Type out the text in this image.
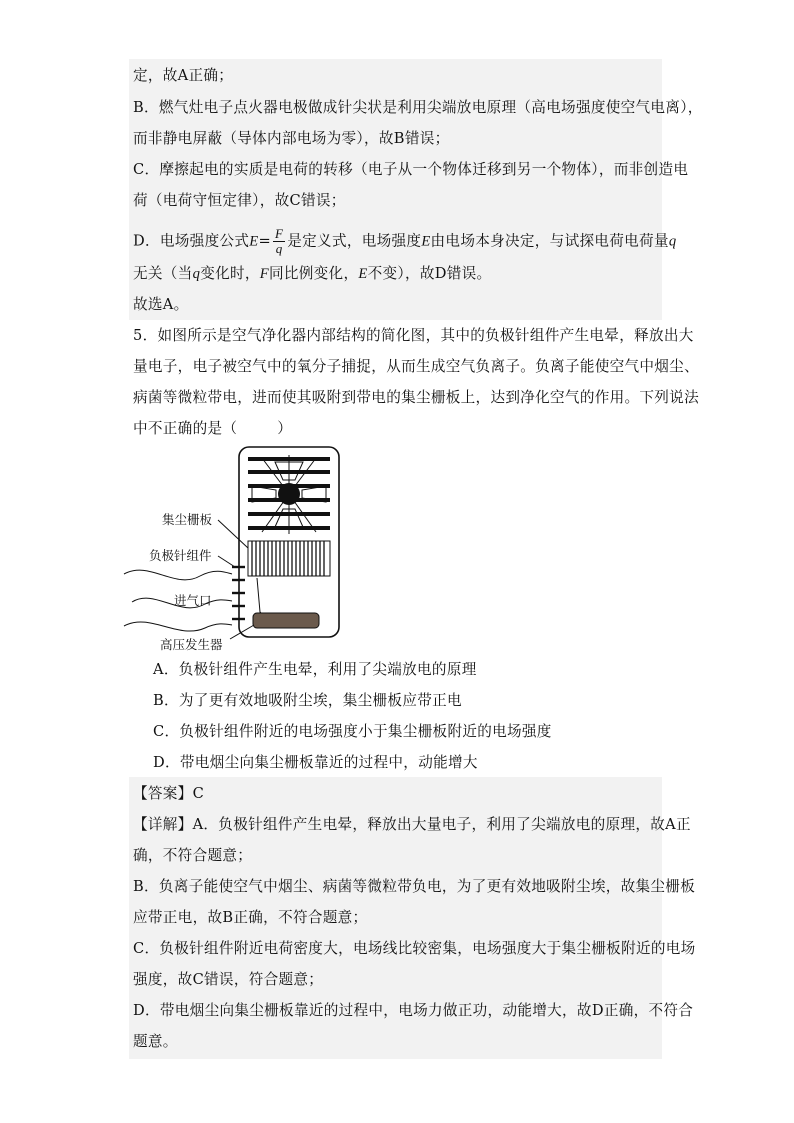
定，故A正确；
B．燃气灶电子点火器电极做成针尖状是利用尖端放电原理（高电场强度使空气电离），
而非静电屏蔽（导体内部电场为零），故B错误；
C．摩擦起电的实质是电荷的转移（电子从一个物体迁移到另一个物体），而非创造电
荷（电荷守恒定律），故C错误；
D．电场强度公式$E= \frac{F}{q}$ 是定义式，电场强度E由电场本身决定，与试探电荷电荷量q
无关（当q变化时，F同比例变化，E不变），故D错误。
故选A。
5．如图所示是空气净化器内部结构的简化图，其中的负极针组件产生电晕，释放出大
量电子，电子被空气中的氧分子捕捉，从而生成空气负离子。负离子能使空气中烟尘、
病菌等微粒带电，进而使其吸附到带电的集尘栅板上，达到净化空气的作用。下列说法
中不正确的是（	）
集尘栅板
负极针组件
进气口
高压发生器
A．负极针组件产生电晕，利用了尖端放电的原理
B．为了更有效地吸附尘埃，集尘栅板应带正电
C．负极针组件附近的电场强度小于集尘栅板附近的电场强度
D．带电烟尘向集尘栅板靠近的过程中，动能增大
【答案】C
【详解】A．负极针组件产生电晕，释放出大量电子，利用了尖端放电的原理，故A正
确，不符合题意；
B．负离子能使空气中烟尘、病菌等微粒带负电，为了更有效地吸附尘埃，故集尘栅板
应带正电，故B正确，不符合题意；
C．负极针组件附近电荷密度大，电场线比较密集，电场强度大于集尘栅板附近的电场
强度，故C错误，符合题意；
D．带电烟尘向集尘栅板靠近的过程中，电场力做正功，动能增大，故D正确，不符合
题意。
